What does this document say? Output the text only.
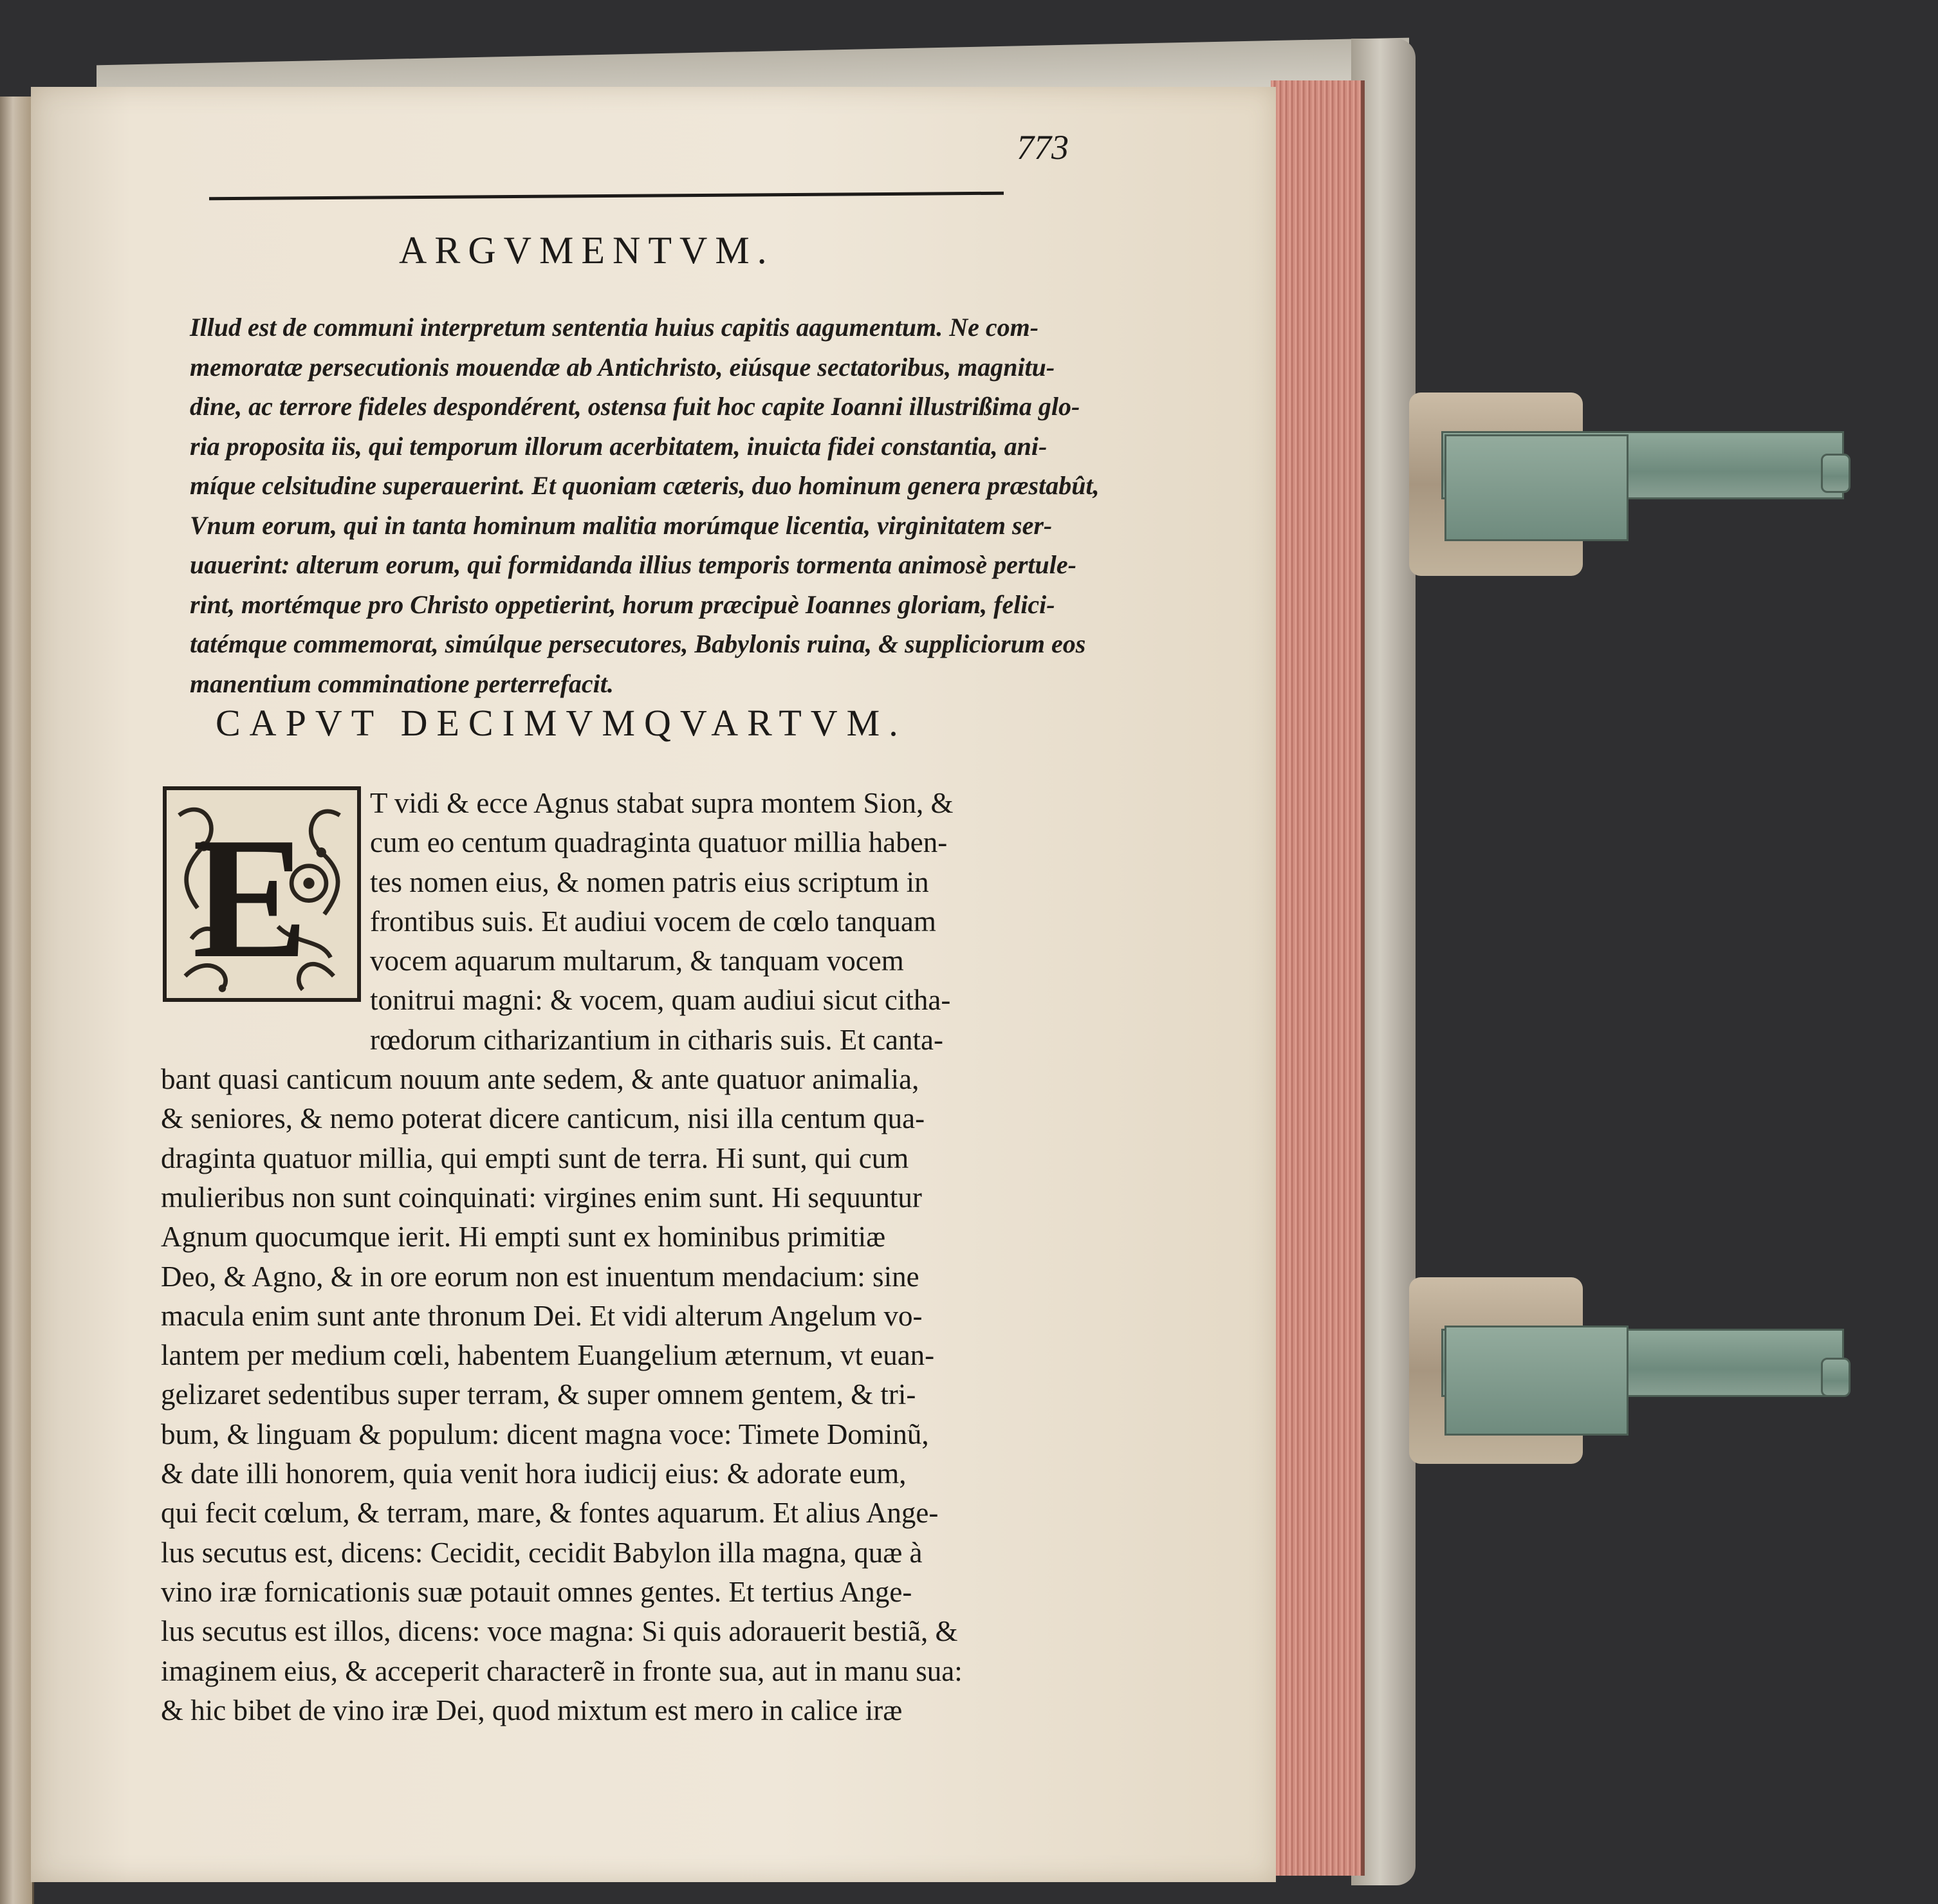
773
ARGVMENTVM.
Illud est de communi interpretum sententia huius capitis aagumentum. Ne com-
memoratæ persecutionis mouendæ ab Antichristo, eiúsque sectatoribus, magnitu-
dine, ac terrore fideles despondérent, ostensa fuit hoc capite Ioanni illustrißima glo-
ria proposita iis, qui temporum illorum acerbitatem, inuicta fidei constantia, ani-
míque celsitudine superauerint. Et quoniam cæteris, duo hominum genera præstabût,
Vnum eorum, qui in tanta hominum malitia morúmque licentia, virginitatem ser-
uauerint: alterum eorum, qui formidanda illius temporis tormenta animosè pertule-
rint, mortémque pro Christo oppetierint, horum præcipuè Ioannes gloriam, felici-
tatémque commemorat, simúlque persecutores, Babylonis ruina, & suppliciorum eos
manentium comminatione perterrefacit.
CAPVT DECIMVMQVARTVM.
E	T vidi & ecce Agnus stabat supra montem Sion, &
cum eo centum quadraginta quatuor millia haben-
tes nomen eius, & nomen patris eius scriptum in
frontibus suis. Et audiui vocem de cœlo tanquam
vocem aquarum multarum, & tanquam vocem
tonitrui magni: & vocem, quam audiui sicut citha-
rœdorum citharizantium in citharis suis. Et canta-
bant quasi canticum nouum ante sedem, & ante quatuor animalia,
& seniores, & nemo poterat dicere canticum, nisi illa centum qua-
draginta quatuor millia, qui empti sunt de terra. Hi sunt, qui cum
mulieribus non sunt coinquinati: virgines enim sunt. Hi sequuntur
Agnum quocumque ierit. Hi empti sunt ex hominibus primitiæ
Deo, & Agno, & in ore eorum non est inuentum mendacium: sine
macula enim sunt ante thronum Dei. Et vidi alterum Angelum vo-
lantem per medium cœli, habentem Euangelium æternum, vt euan-
gelizaret sedentibus super terram, & super omnem gentem, & tri-
bum, & linguam & populum: dicent magna voce: Timete Dominũ,
& date illi honorem, quia venit hora iudicij eius: & adorate eum,
qui fecit cœlum, & terram, mare, & fontes aquarum. Et alius Ange-
lus secutus est, dicens: Cecidit, cecidit Babylon illa magna, quæ à
vino iræ fornicationis suæ potauit omnes gentes. Et tertius Ange-
lus secutus est illos, dicens: voce magna: Si quis adorauerit bestiã, &
imaginem eius, & acceperit characterẽ in fronte sua, aut in manu sua:
& hic bibet de vino iræ Dei, quod mixtum est mero in calice iræ
